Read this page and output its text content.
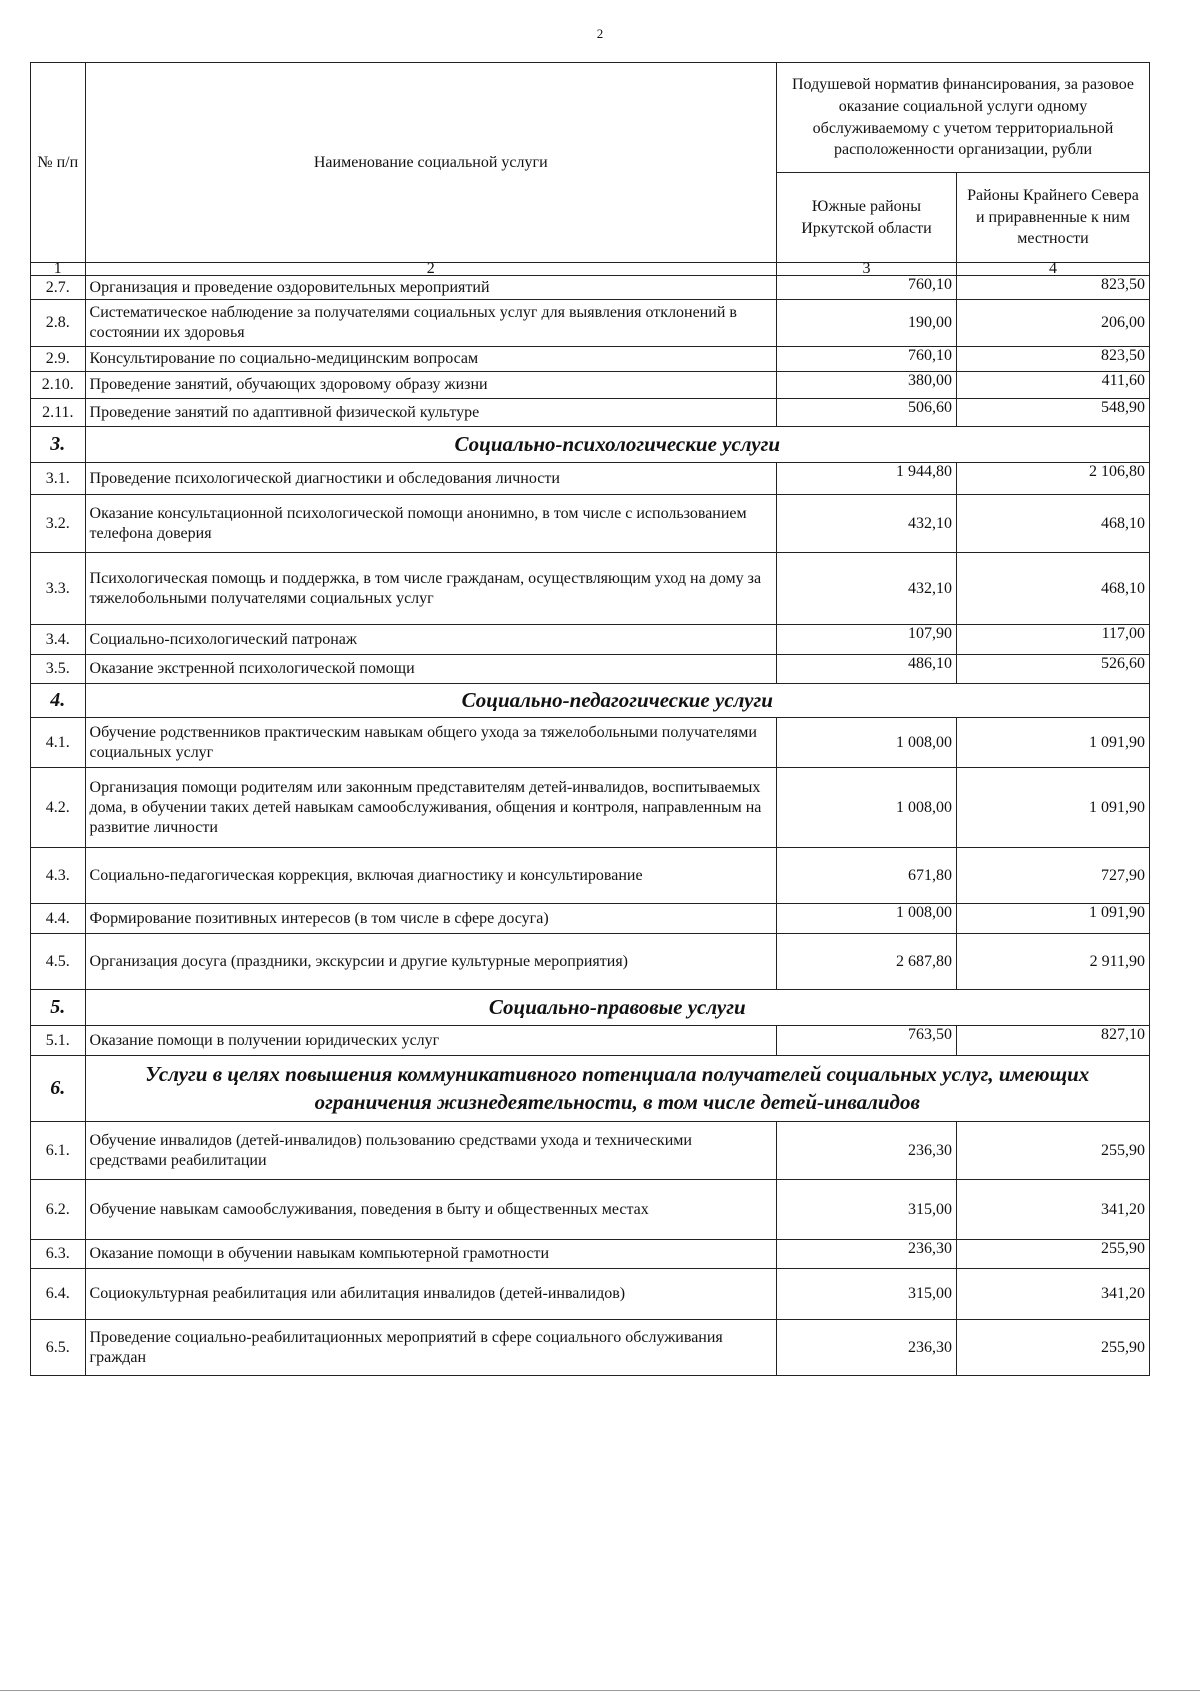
2
№ п/п	Наименование социальной услуги	Подушевой норматив финансирования, за разовое оказание социальной услуги одному обслуживаемому с учетом территориальной расположенности организации, рубли	
		Южные районы Иркутской области	Районы Крайнего Севера и приравненные к ним местности
1	2	3	4
2.7.	Организация и проведение оздоровительных мероприятий	760,10	823,50
2.8.	Систематическое наблюдение за получателями социальных услуг для выявления отклонений в состоянии их здоровья	190,00	206,00
2.9.	Консультирование по социально-медицинским вопросам	760,10	823,50
2.10.	Проведение занятий, обучающих здоровому образу жизни	380,00	411,60
2.11.	Проведение занятий по адаптивной физической культуре	506,60	548,90
3.	Социально-психологические услуги		
3.1.	Проведение психологической диагностики и обследования личности	1 944,80	2 106,80
3.2.	Оказание консультационной психологической помощи анонимно, в том числе с использованием телефона доверия	432,10	468,10
3.3.	Психологическая помощь и поддержка, в том числе гражданам, осуществляющим уход на дому за тяжелобольными получателями социальных услуг	432,10	468,10
3.4.	Социально-психологический патронаж	107,90	117,00
3.5.	Оказание экстренной психологической помощи	486,10	526,60
4.	Социально-педагогические услуги		
4.1.	Обучение родственников практическим навыкам общего ухода за тяжелобольными получателями социальных услуг	1 008,00	1 091,90
4.2.	Организация помощи родителям или законным представителям детей-инвалидов, воспитываемых дома, в обучении таких детей навыкам самообслуживания, общения и контроля, направленным на развитие личности	1 008,00	1 091,90
4.3.	Социально-педагогическая коррекция, включая диагностику и консультирование	671,80	727,90
4.4.	Формирование позитивных интересов (в том числе в сфере досуга)	1 008,00	1 091,90
4.5.	Организация досуга (праздники, экскурсии и другие культурные мероприятия)	2 687,80	2 911,90
5.	Социально-правовые услуги		
5.1.	Оказание помощи в получении юридических услуг	763,50	827,10
6.	Услуги в целях повышения коммуникативного потенциала получателей социальных услуг, имеющих ограничения жизнедеятельности, в том числе детей-инвалидов		
6.1.	Обучение инвалидов (детей-инвалидов) пользованию средствами ухода и техническими средствами реабилитации	236,30	255,90
6.2.	Обучение навыкам самообслуживания, поведения в быту и общественных местах	315,00	341,20
6.3.	Оказание помощи в обучении навыкам компьютерной грамотности	236,30	255,90
6.4.	Социокультурная реабилитация или абилитация инвалидов (детей-инвалидов)	315,00	341,20
6.5.	Проведение социально-реабилитационных мероприятий в сфере социального обслуживания граждан	236,30	255,90
